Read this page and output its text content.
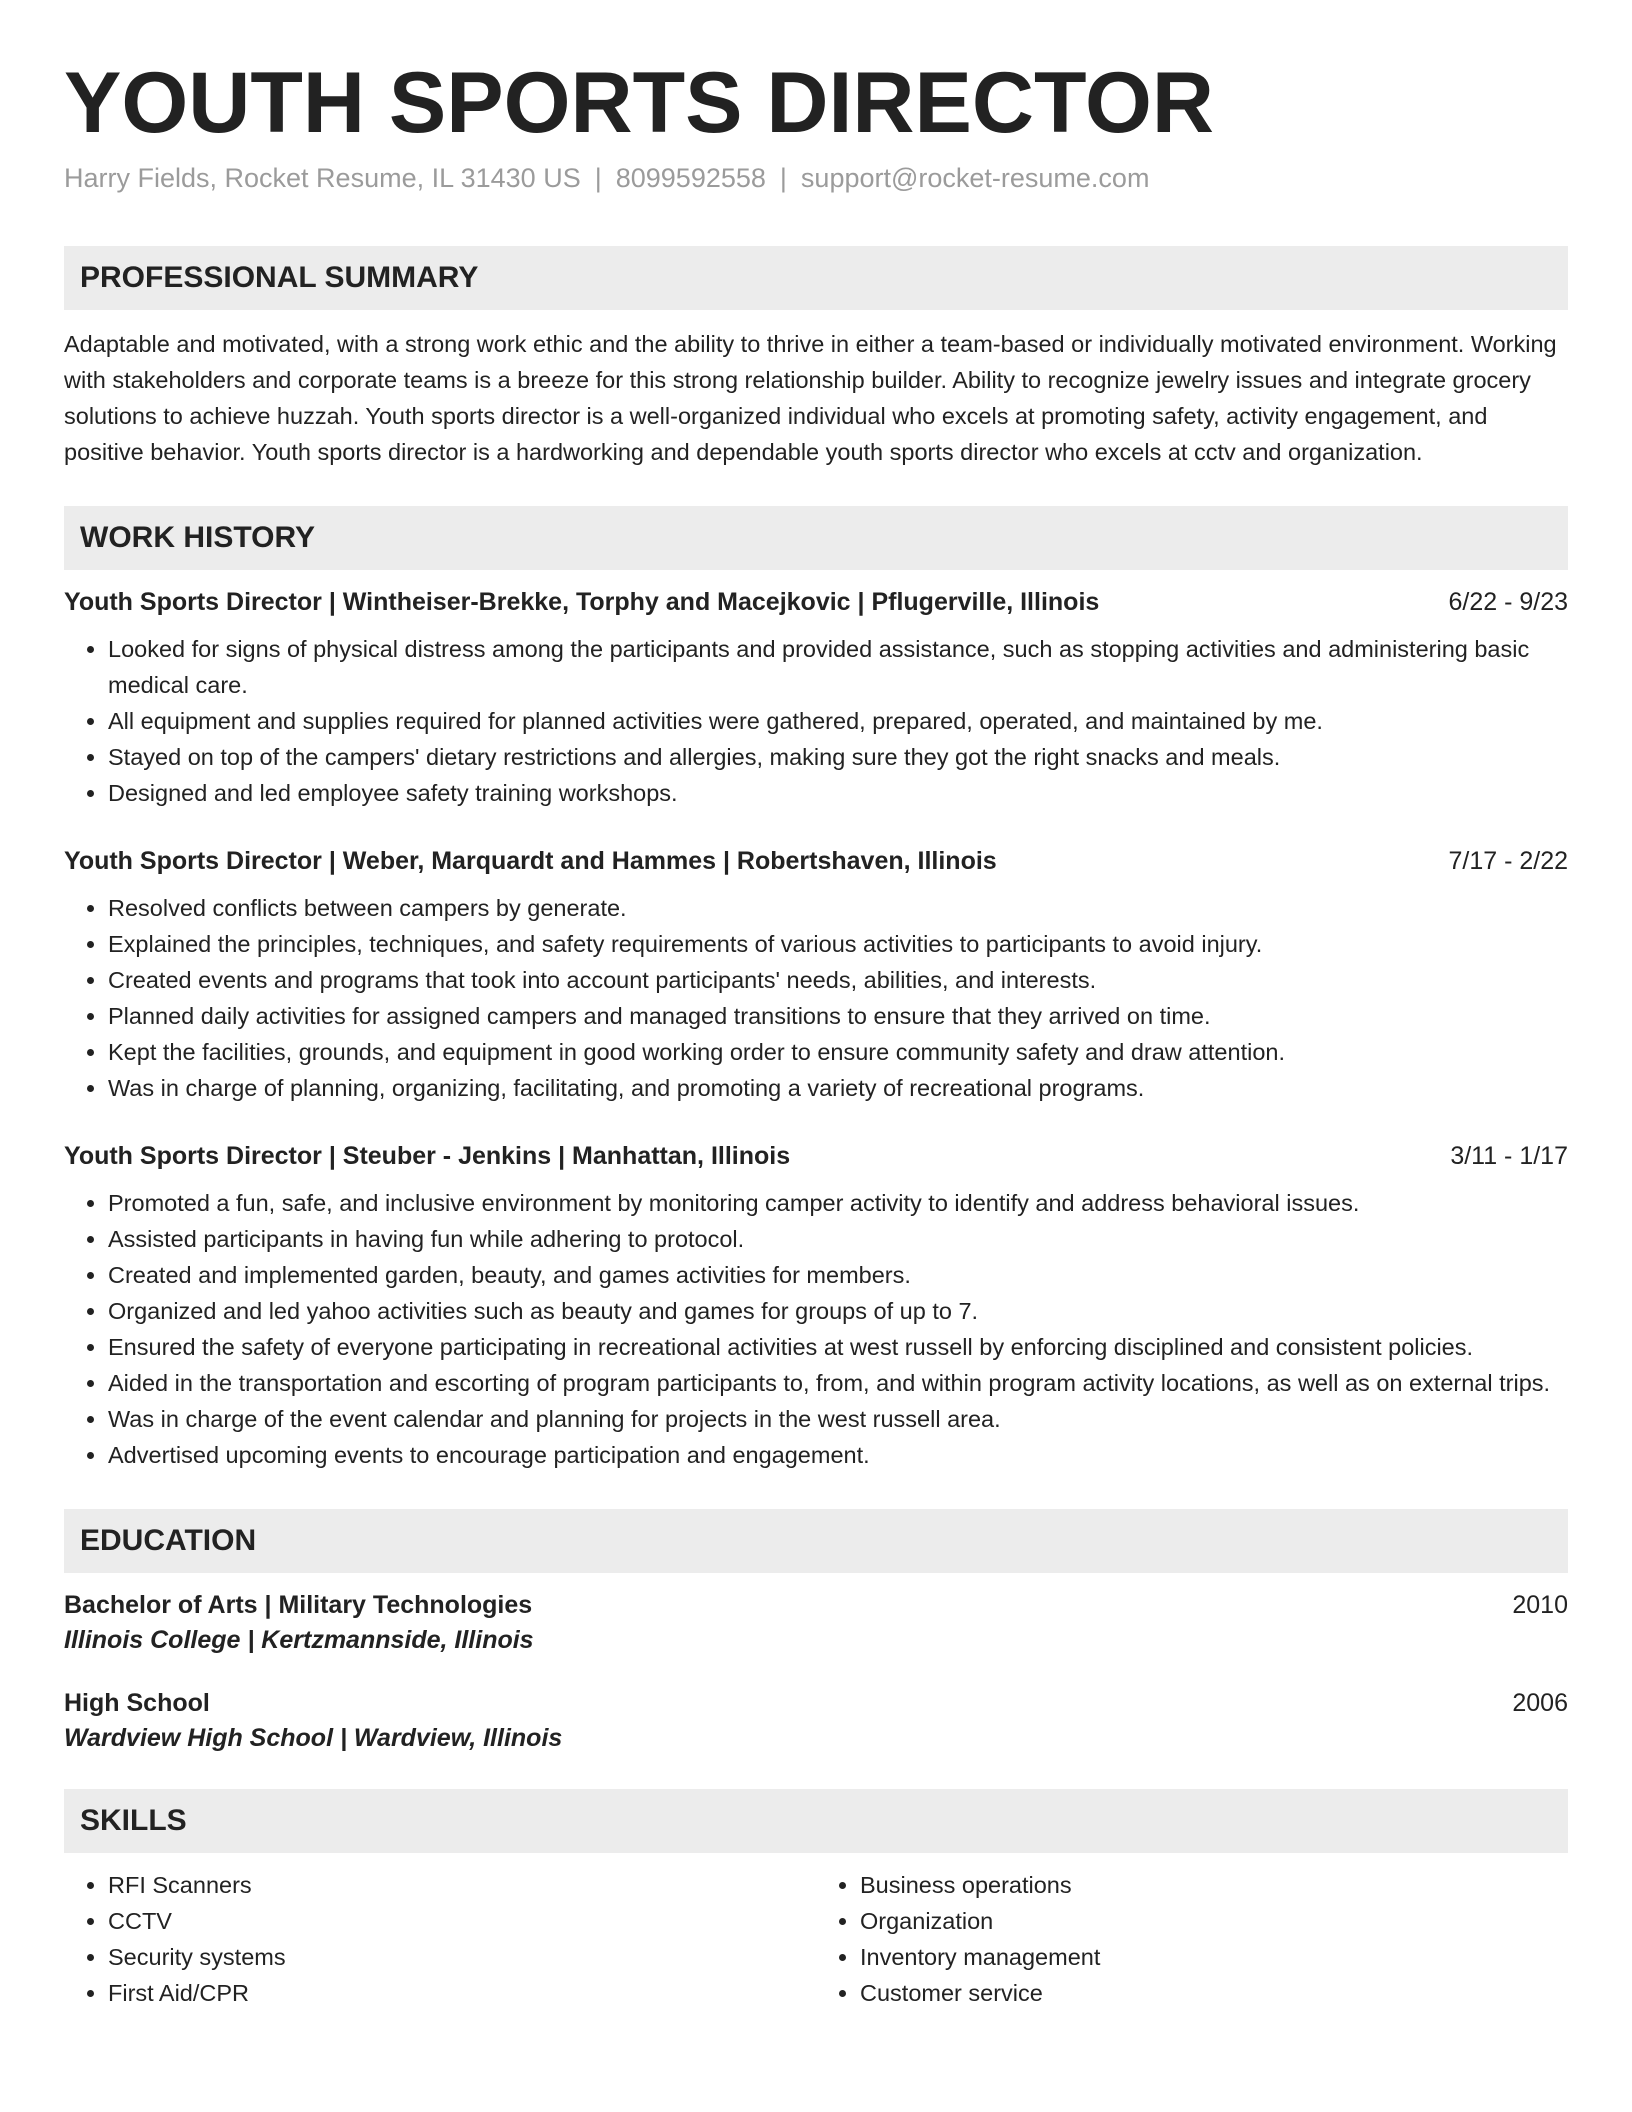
YOUTH SPORTS DIRECTOR
Harry Fields, Rocket Resume, IL 31430 US | 8099592558 | support@rocket-resume.com
PROFESSIONAL SUMMARY

Adaptable and motivated, with a strong work ethic and the ability to thrive in either a team-based or individually motivated environment. Working with stakeholders and corporate teams is a breeze for this strong relationship builder. Ability to recognize jewelry issues and integrate grocery solutions to achieve huzzah. Youth sports director is a well-organized individual who excels at promoting safety, activity engagement, and positive behavior. Youth sports director is a hardworking and dependable youth sports director who excels at cctv and organization.

WORK HISTORY
Youth Sports Director | Wintheiser-Brekke, Torphy and Macejkovic | Pflugerville, Illinois	6/22 - 9/23
• Looked for signs of physical distress among the participants and provided assistance, such as stopping activities and administering basic medical care.
• All equipment and supplies required for planned activities were gathered, prepared, operated, and maintained by me.
• Stayed on top of the campers' dietary restrictions and allergies, making sure they got the right snacks and meals.
• Designed and led employee safety training workshops.
Youth Sports Director | Weber, Marquardt and Hammes | Robertshaven, Illinois	7/17 - 2/22
• Resolved conflicts between campers by generate.
• Explained the principles, techniques, and safety requirements of various activities to participants to avoid injury.
• Created events and programs that took into account participants' needs, abilities, and interests.
• Planned daily activities for assigned campers and managed transitions to ensure that they arrived on time.
• Kept the facilities, grounds, and equipment in good working order to ensure community safety and draw attention.
• Was in charge of planning, organizing, facilitating, and promoting a variety of recreational programs.
Youth Sports Director | Steuber - Jenkins | Manhattan, Illinois	3/11 - 1/17
• Promoted a fun, safe, and inclusive environment by monitoring camper activity to identify and address behavioral issues.
• Assisted participants in having fun while adhering to protocol.
• Created and implemented garden, beauty, and games activities for members.
• Organized and led yahoo activities such as beauty and games for groups of up to 7.
• Ensured the safety of everyone participating in recreational activities at west russell by enforcing disciplined and consistent policies.
• Aided in the transportation and escorting of program participants to, from, and within program activity locations, as well as on external trips.
• Was in charge of the event calendar and planning for projects in the west russell area.
• Advertised upcoming events to encourage participation and engagement.
EDUCATION
Bachelor of Arts | Military Technologies	2010
Illinois College | Kertzmannside, Illinois
High School	2006
Wardview High School | Wardview, Illinois
SKILLS
• RFI Scanners
• CCTV
• Security systems
• First Aid/CPR
• Business operations
• Organization
• Inventory management
• Customer service
